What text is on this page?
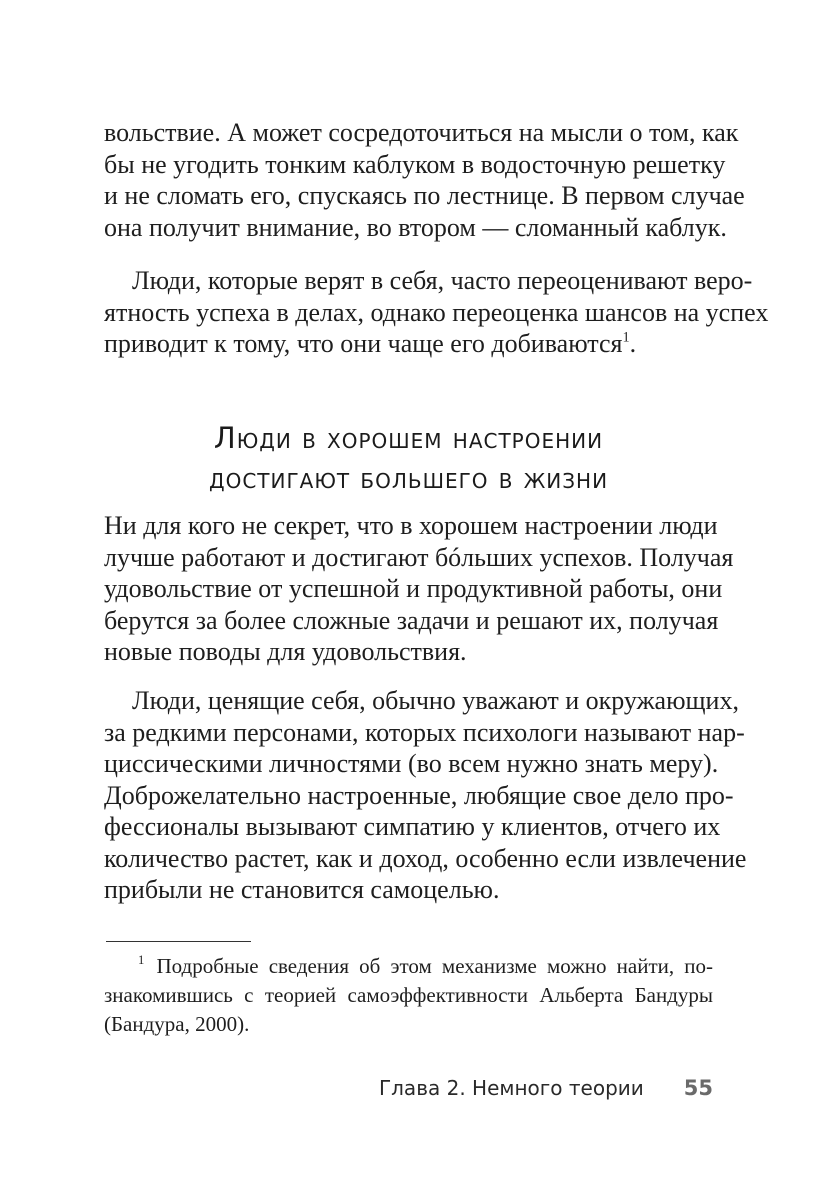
вольствие. А может сосредоточиться на мысли о том, как
бы не угодить тонким каблуком в водосточную решетку
и не сломать его, спускаясь по лестнице. В первом случае
она получит внимание, во втором — сломанный каблук.
Люди, которые верят в себя, часто переоценивают веро-
ятность успеха в делах, однако переоценка шансов на успех
приводит к тому, что они чаще его добиваются$^1$.
Люди в хорошем настроении
достигают большего в жизни
Ни для кого не секрет, что в хорошем настроении люди
лучше работают и достигают бóльших успехов. Получая
удовольствие от успешной и продуктивной работы, они
берутся за более сложные задачи и решают их, получая
новые поводы для удовольствия.
Люди, ценящие себя, обычно уважают и окружающих,
за редкими персонами, которых психологи называют нар-
циссическими личностями (во всем нужно знать меру).
Доброжелательно настроенные, любящие свое дело про-
фессионалы вызывают симпатию у клиентов, отчего их
количество растет, как и доход, особенно если извлечение
прибыли не становится самоцелью.
$^1$ Подробные сведения об этом механизме можно найти, по-
знакомившись с теорией самоэффективности Альберта Бандуры
(Бандура, 2000).
Глава 2. Немного теории 55
